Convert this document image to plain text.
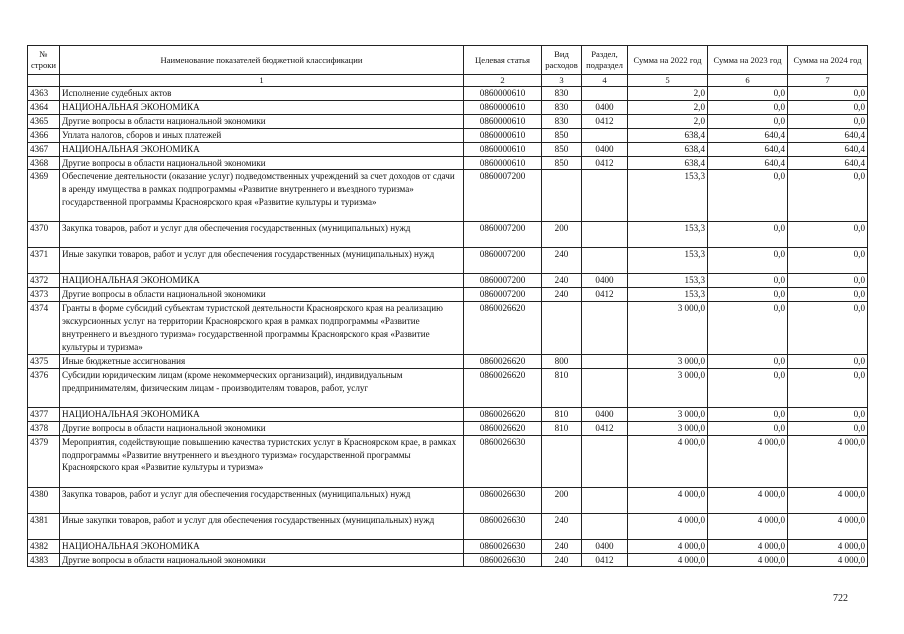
№ строки	Наименование показателей бюджетной классификации	Целевая статья	Вид расходов	Раздел, подраздел	Сумма на 2022 год	Сумма на 2023 год	Сумма на 2024 год
	1	2	3	4	5	6	7
4363	Исполнение судебных актов	0860000610	830		2,0	0,0	0,0
4364	НАЦИОНАЛЬНАЯ ЭКОНОМИКА	0860000610	830	0400	2,0	0,0	0,0
4365	Другие вопросы в области национальной экономики	0860000610	830	0412	2,0	0,0	0,0
4366	Уплата налогов, сборов и иных платежей	0860000610	850		638,4	640,4	640,4
4367	НАЦИОНАЛЬНАЯ ЭКОНОМИКА	0860000610	850	0400	638,4	640,4	640,4
4368	Другие вопросы в области национальной экономики	0860000610	850	0412	638,4	640,4	640,4
4369	Обеспечение деятельности (оказание услуг) подведомственных учреждений за счет доходов от сдачи в аренду имущества в рамках подпрограммы «Развитие внутреннего и въездного туризма» государственной программы Красноярского края «Развитие культуры и туризма»	0860007200			153,3	0,0	0,0
4370	Закупка товаров, работ и услуг для обеспечения государственных (муниципальных) нужд	0860007200	200		153,3	0,0	0,0
4371	Иные закупки товаров, работ и услуг для обеспечения государственных (муниципальных) нужд	0860007200	240		153,3	0,0	0,0
4372	НАЦИОНАЛЬНАЯ ЭКОНОМИКА	0860007200	240	0400	153,3	0,0	0,0
4373	Другие вопросы в области национальной экономики	0860007200	240	0412	153,3	0,0	0,0
4374	Гранты в форме субсидий субъектам туристской деятельности Красноярского края на реализацию экскурсионных услуг на территории Красноярского края в рамках подпрограммы «Развитие внутреннего и въездного туризма» государственной программы Красноярского края «Развитие культуры и туризма»	0860026620			3 000,0	0,0	0,0
4375	Иные бюджетные ассигнования	0860026620	800		3 000,0	0,0	0,0
4376	Субсидии юридическим лицам (кроме некоммерческих организаций), индивидуальным предпринимателям, физическим лицам - производителям товаров, работ, услуг	0860026620	810		3 000,0	0,0	0,0
4377	НАЦИОНАЛЬНАЯ ЭКОНОМИКА	0860026620	810	0400	3 000,0	0,0	0,0
4378	Другие вопросы в области национальной экономики	0860026620	810	0412	3 000,0	0,0	0,0
4379	Мероприятия, содействующие повышению качества туристских услуг в Красноярском крае, в рамках подпрограммы «Развитие внутреннего и въездного туризма» государственной программы Красноярского края «Развитие культуры и туризма»	0860026630			4 000,0	4 000,0	4 000,0
4380	Закупка товаров, работ и услуг для обеспечения государственных (муниципальных) нужд	0860026630	200		4 000,0	4 000,0	4 000,0
4381	Иные закупки товаров, работ и услуг для обеспечения государственных (муниципальных) нужд	0860026630	240		4 000,0	4 000,0	4 000,0
4382	НАЦИОНАЛЬНАЯ ЭКОНОМИКА	0860026630	240	0400	4 000,0	4 000,0	4 000,0
4383	Другие вопросы в области национальной экономики	0860026630	240	0412	4 000,0	4 000,0	4 000,0
722
